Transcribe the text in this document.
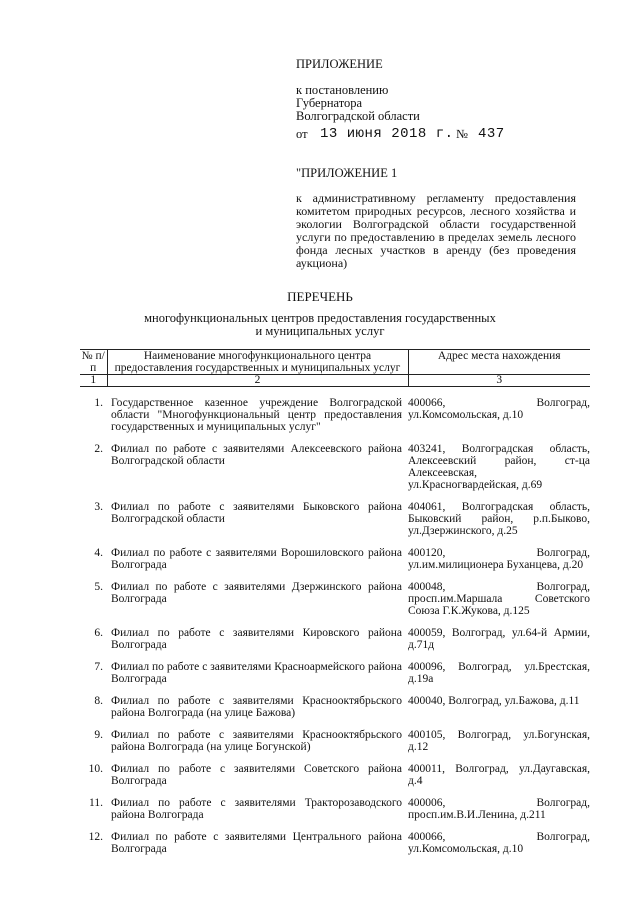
ПРИЛОЖЕНИЕ
к постановлению
Губернатора
Волгоградской области
от 13 июня 2018 г. № 437
"ПРИЛОЖЕНИЕ 1
к административному регламенту предоставления комитетом природных ресурсов, лесного хозяйства и экологии Волгоградской области государственной услуги по предоставлению в пределах земель лесного фонда лесных участков в аренду (без проведения аукциона)
ПЕРЕЧЕНЬ
многофункциональных центров предоставления государственных
и муниципальных услуг
№ п/п	Наименование многофункционального центра предоставления государственных и муниципальных услуг	Адрес места нахождения
1	2	3
1.	Государственное казенное учреждение Волгоградской области "Многофункциональный центр предоставления государственных и муниципальных услуг"	400066, Волгоград, ул.Комсомольская, д.10
2.	Филиал по работе с заявителями Алексеевского района Волгоградской области	403241, Волгоградская область, Алексеевский район, ст-ца Алексеевская, ул.Красногвардейская, д.69
3.	Филиал по работе с заявителями Быковского района Волгоградской области	404061, Волгоградская область, Быковский район, р.п.Быково, ул.Дзержинского, д.25
4.	Филиал по работе с заявителями Ворошиловского района Волгограда	400120, Волгоград, ул.им.милиционера Буханцева, д.20
5.	Филиал по работе с заявителями Дзержинского района Волгограда	400048, Волгоград, просп.им.Маршала Советского Союза Г.К.Жукова, д.125
6.	Филиал по работе с заявителями Кировского района Волгограда	400059, Волгоград, ул.64-й Армии, д.71д
7.	Филиал по работе с заявителями Красноармейского района Волгограда	400096, Волгоград, ул.Брестская, д.19а
8.	Филиал по работе с заявителями Краснооктябрьского района Волгограда (на улице Бажова)	400040, Волгоград, ул.Бажова, д.11
9.	Филиал по работе с заявителями Краснооктябрьского района Волгограда (на улице Богунской)	400105, Волгоград, ул.Богунская, д.12
10.	Филиал по работе с заявителями Советского района Волгограда	400011, Волгоград, ул.Даугавская, д.4
11.	Филиал по работе с заявителями Тракторозаводского района Волгограда	400006, Волгоград, просп.им.В.И.Ленина, д.211
12.	Филиал по работе с заявителями Центрального района Волгограда	400066, Волгоград, ул.Комсомольская, д.10
